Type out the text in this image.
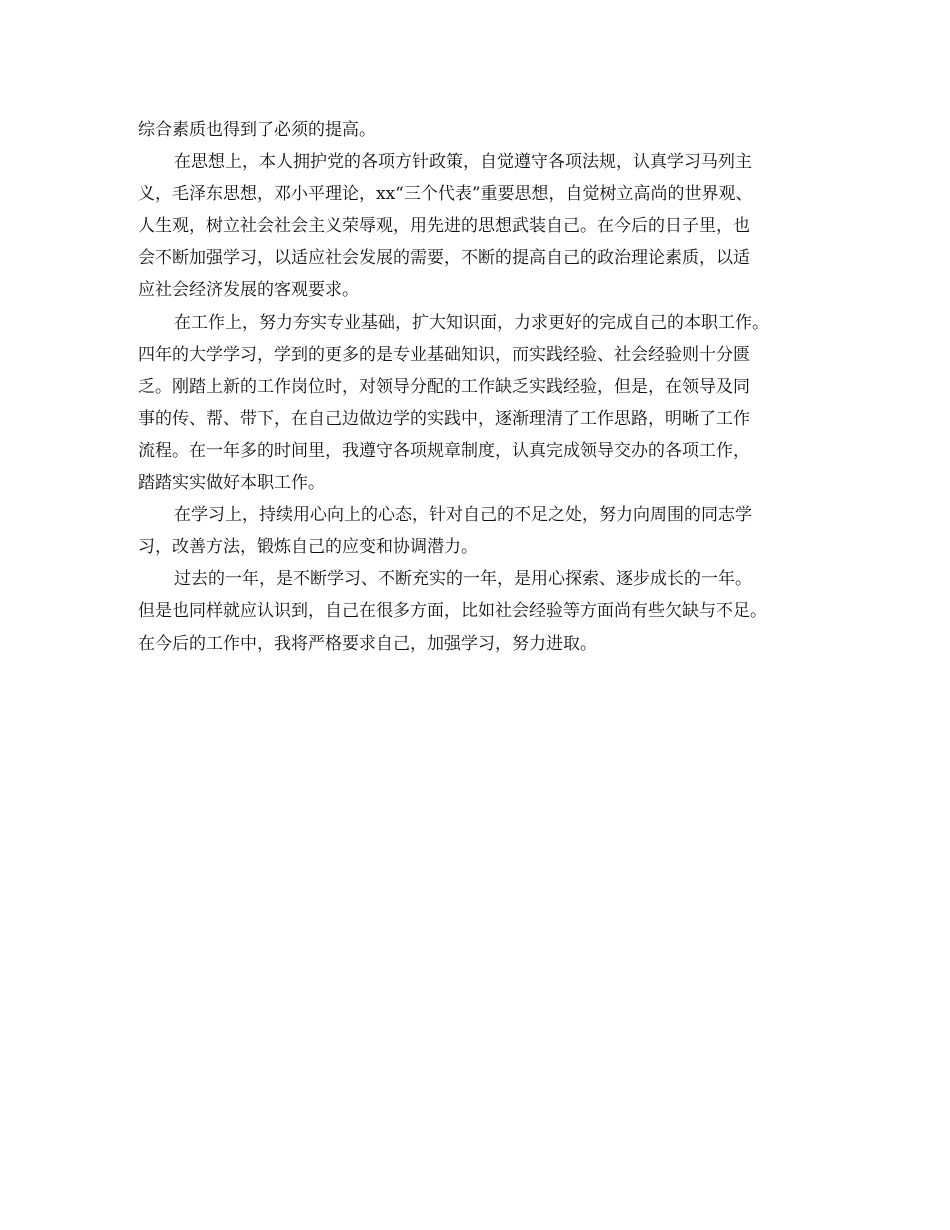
综合素质也得到了必须的提高。
在思想上，本人拥护党的各项方针政策，自觉遵守各项法规，认真学习马列主
义，毛泽东思想，邓小平理论，xx“三个代表”重要思想，自觉树立高尚的世界观、
人生观，树立社会社会主义荣辱观，用先进的思想武装自己。在今后的日子里，也
会不断加强学习，以适应社会发展的需要，不断的提高自己的政治理论素质，以适
应社会经济发展的客观要求。
在工作上，努力夯实专业基础，扩大知识面，力求更好的完成自己的本职工作。
四年的大学学习，学到的更多的是专业基础知识，而实践经验、社会经验则十分匮
乏。刚踏上新的工作岗位时，对领导分配的工作缺乏实践经验，但是，在领导及同
事的传、帮、带下，在自己边做边学的实践中，逐渐理清了工作思路，明晰了工作
流程。在一年多的时间里，我遵守各项规章制度，认真完成领导交办的各项工作，
踏踏实实做好本职工作。
在学习上，持续用心向上的心态，针对自己的不足之处，努力向周围的同志学
习，改善方法，锻炼自己的应变和协调潜力。
过去的一年，是不断学习、不断充实的一年，是用心探索、逐步成长的一年。
但是也同样就应认识到，自己在很多方面，比如社会经验等方面尚有些欠缺与不足。
在今后的工作中，我将严格要求自己，加强学习，努力进取。
